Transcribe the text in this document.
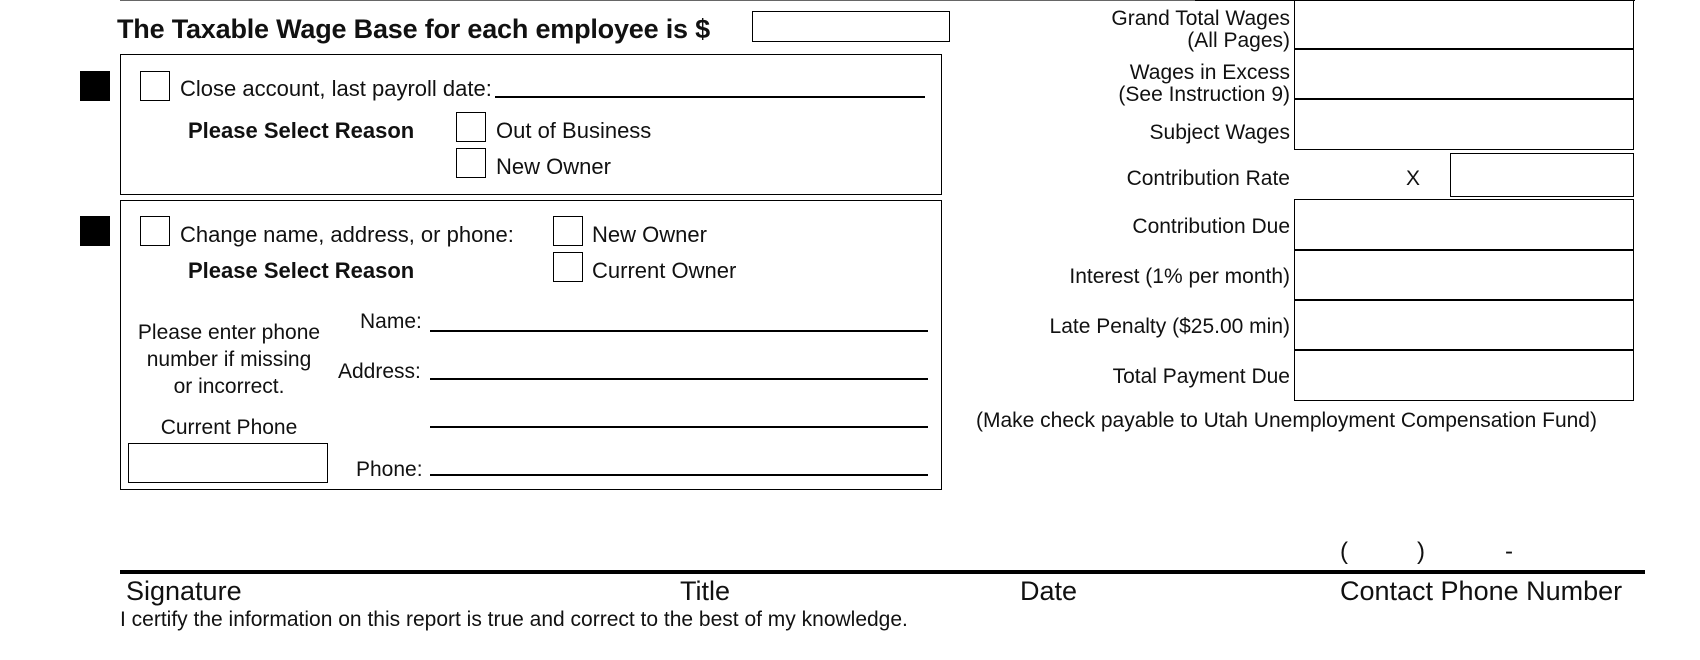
The Taxable Wage Base for each employee is $
Close account, last payroll date:
Please Select Reason	Out of Business
New Owner
Change name, address, or phone:	New Owner
Please Select Reason	Current Owner
Please enter phone
number if missing
or incorrect.
Current Phone
Name:
Address:
Phone:
Grand Total Wages
(All Pages)
Wages in Excess
(See Instruction 9)
Subject Wages
Contribution Rate	X
Contribution Due
Interest (1% per month)
Late Penalty ($25.00 min)
Total Payment Due
(Make check payable to Utah Unemployment Compensation Fund)
(	)	-
Signature	Title	Date	Contact Phone Number
I certify the information on this report is true and correct to the best of my knowledge.
